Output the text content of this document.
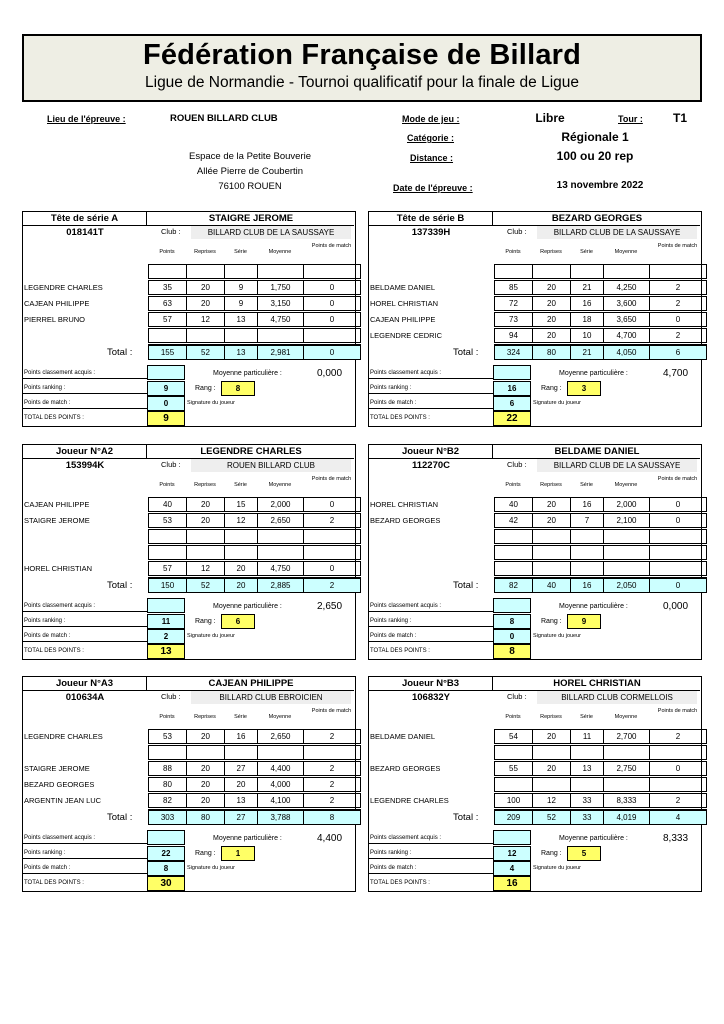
Fédération Française de Billard
Ligue de Normandie - Tournoi qualificatif pour la finale de Ligue
Lieu de l'épreuve :	ROUEN BILLARD CLUB
Espace de la Petite Bouverie
Allée Pierre de Coubertin
76100 ROUEN
Mode de jeu :	Libre	Tour :	T1
Catégorie :	Régionale 1
Distance :	100 ou 20 rep
Date de l'épreuve :	13 novembre 2022
Tête de série A	STAIGRE JEROME
018141T	Club :	BILLARD CLUB DE LA SAUSSAYE
Points	Reprises	Série	Moyenne
Points de match
LEGENDRE CHARLES	35	20	9	1,750	0
CAJEAN PHILIPPE	63	20	9	3,150	0
PIERREL BRUNO	57	12	13	4,750	0
Total :	155	52	13	2,981	0
Points classement acquis :	Moyenne particulière :	0,000
Points ranking :	9	Rang :	8
Points de match :	0	Signature du joueur
TOTAL DES POINTS :	9
Tête de série B	BEZARD GEORGES
137339H	Club :	BILLARD CLUB DE LA SAUSSAYE
Points	Reprises	Série	Moyenne
Points de match
BELDAME DANIEL	85	20	21	4,250	2
HOREL CHRISTIAN	72	20	16	3,600	2
CAJEAN PHILIPPE	73	20	18	3,650	0
LEGENDRE CEDRIC	94	20	10	4,700	2
Total :	324	80	21	4,050	6
Points classement acquis :	Moyenne particulière :	4,700
Points ranking :	16	Rang :	3
Points de match :	6	Signature du joueur
TOTAL DES POINTS :	22
Joueur N°A2	LEGENDRE CHARLES
153994K	Club :	ROUEN BILLARD CLUB
Points	Reprises	Série	Moyenne
Points de match
CAJEAN PHILIPPE	40	20	15	2,000	0
STAIGRE JEROME	53	20	12	2,650	2
HOREL CHRISTIAN	57	12	20	4,750	0
Total :	150	52	20	2,885	2
Points classement acquis :	Moyenne particulière :	2,650
Points ranking :	11	Rang :	6
Points de match :	2	Signature du joueur
TOTAL DES POINTS :	13
Joueur N°B2	BELDAME DANIEL
112270C	Club :	BILLARD CLUB DE LA SAUSSAYE
Points	Reprises	Série	Moyenne
Points de match
HOREL CHRISTIAN	40	20	16	2,000	0
BEZARD GEORGES	42	20	7	2,100	0
Total :	82	40	16	2,050	0
Points classement acquis :	Moyenne particulière :	0,000
Points ranking :	8	Rang :	9
Points de match :	0	Signature du joueur
TOTAL DES POINTS :	8
Joueur N°A3	CAJEAN PHILIPPE
010634A	Club :	BILLARD CLUB EBROICIEN
Points	Reprises	Série	Moyenne
Points de match
LEGENDRE CHARLES	53	20	16	2,650	2
STAIGRE JEROME	88	20	27	4,400	2
BEZARD GEORGES	80	20	20	4,000	2
ARGENTIN JEAN LUC	82	20	13	4,100	2
Total :	303	80	27	3,788	8
Points classement acquis :	Moyenne particulière :	4,400
Points ranking :	22	Rang :	1
Points de match :	8	Signature du joueur
TOTAL DES POINTS :	30
Joueur N°B3	HOREL CHRISTIAN
106832Y	Club :	BILLARD CLUB CORMELLOIS
Points	Reprises	Série	Moyenne
Points de match
BELDAME DANIEL	54	20	11	2,700	2
BEZARD GEORGES	55	20	13	2,750	0
LEGENDRE CHARLES	100	12	33	8,333	2
Total :	209	52	33	4,019	4
Points classement acquis :	Moyenne particulière :	8,333
Points ranking :	12	Rang :	5
Points de match :	4	Signature du joueur
TOTAL DES POINTS :	16
